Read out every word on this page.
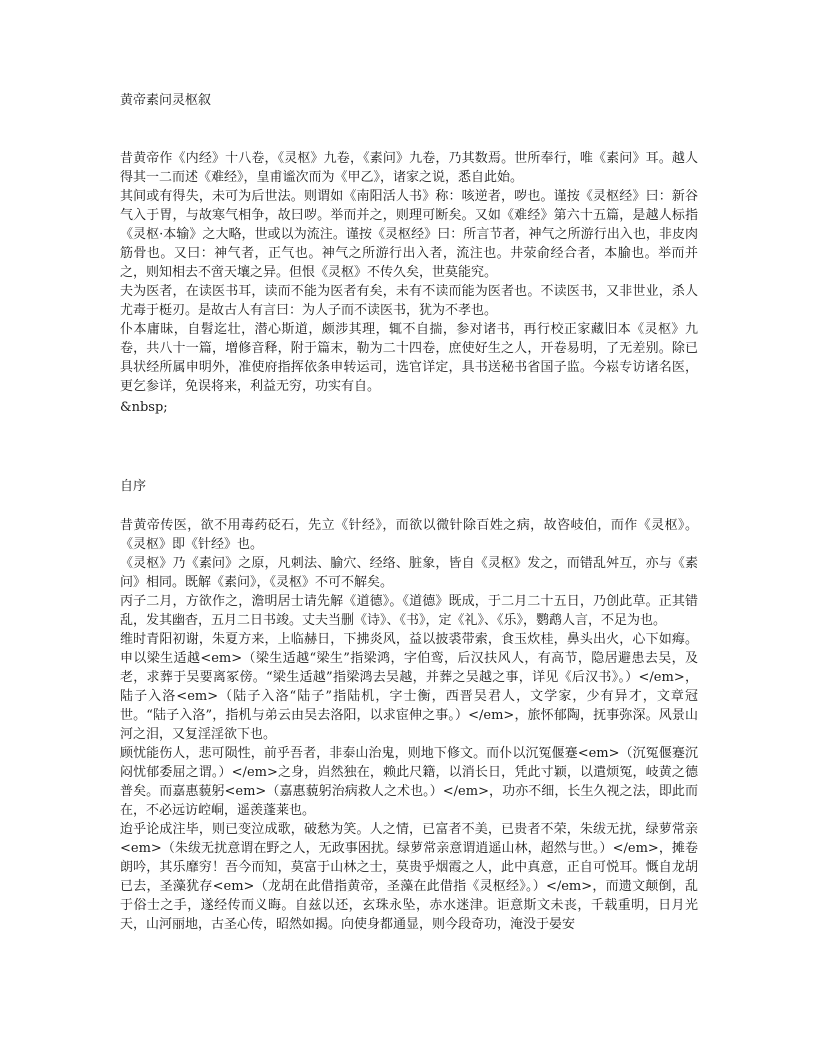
黄帝素问灵枢叙

昔黄帝作《内经》十八卷，《灵枢》九卷，《素问》九卷，乃其数焉。世所奉行，唯《素问》耳。越人得其一二而述《难经》，皇甫谧次而为《甲乙》，诸家之说，悉自此始。

其间或有得失，未可为后世法。则谓如《南阳活人书》称：咳逆者，哕也。谨按《灵枢经》曰：新谷气入于胃，与故寒气相争，故曰哕。举而并之，则理可断矣。又如《难经》第六十五篇，是越人标指《灵枢·本输》之大略，世或以为流注。谨按《灵枢经》曰：所言节者，神气之所游行出入也，非皮肉筋骨也。又曰：神气者，正气也。神气之所游行出入者，流注也。井荥俞经合者，本腧也。举而并之，则知相去不啻天壤之异。但恨《灵枢》不传久矣，世莫能究。

夫为医者，在读医书耳，读而不能为医者有矣，未有不读而能为医者也。不读医书，又非世业，杀人尤毒于梃刃。是故古人有言曰：为人子而不读医书，犹为不孝也。

仆本庸昧，自髫迄壮，潜心斯道，颇涉其理，辄不自揣，参对诸书，再行校正家藏旧本《灵枢》九卷，共八十一篇，增修音释，附于篇末，勒为二十四卷，庶使好生之人，开卷易明，了无差别。除已具状经所属申明外，准使府指挥依条申转运司，选官详定，具书送秘书省国子监。今崧专访诸名医，更乞参详，免误将来，利益无穷，功实有自。

&nbsp;
自序

昔黄帝传医，欲不用毒药砭石，先立《针经》，而欲以微针除百姓之病，故咨岐伯，而作《灵枢》。《灵枢》即《针经》也。

《灵枢》乃《素问》之原，凡刺法、腧穴、经络、脏象，皆自《灵枢》发之，而错乱舛互，亦与《素问》相同。既解《素问》，《灵枢》不可不解矣。

丙子二月，方欲作之，澹明居士请先解《道德》。《道德》既成，于二月二十五日，乃创此草。正其错乱，发其幽杳，五月二日书竣。丈夫当删《诗》、《书》，定《礼》、《乐》，鹦鹉人言，不足为也。

维时青阳初谢，朱夏方来，上临赫日，下拂炎风，益以披裘带索，食玉炊桂，鼻头出火，心下如痗。申以梁生适越<em>（梁生适越“梁生”指梁鸿，字伯鸾，后汉扶风人，有高节，隐居避患去吴，及老，求葬于吴要离冢傍。“梁生适越”指梁鸿去吴越，并葬之吴越之事，详见《后汉书》。）</em>，陆子入洛<em>（陆子入洛“陆子”指陆机，字士衡，西晋吴君人，文学家，少有异才，文章冠世。“陆子入洛”，指机与弟云由吴去洛阳，以求宦伸之事。）</em>，旅怀郁陶，抚事弥深。风景山河之泪，又复淫淫欲下也。

顾忧能伤人，悲可陨性，前乎吾者，非泰山治鬼，则地下修文。而仆以沉冤偃蹇<em>（沉冤偃蹇沉闷忧郁委屈之谓。）</em>之身，岿然独在，赖此尺籍，以消长日，凭此寸颖，以遣烦冤，岐黄之德普矣。而嘉惠藐躬<em>（嘉惠藐躬治病救人之术也。）</em>，功亦不细，长生久视之法，即此而在，不必远访崆峒，遥羡蓬莱也。

迨乎论成注毕，则已变泣成歌，破愁为笑。人之情，已富者不美，已贵者不荣，朱绂无扰，绿萝常亲<em>（朱绂无扰意谓在野之人，无政事困扰。绿萝常亲意谓逍遥山林，超然与世。）</em>，摊卷朗吟，其乐靡穷！吾今而知，莫富于山林之士，莫贵乎烟霞之人，此中真意，正自可悦耳。慨自龙胡已去，圣藻犹存<em>（龙胡在此借指黄帝，圣藻在此借指《灵枢经》。）</em>，而遗文颠倒，乱于俗士之手，遂经传而义晦。自兹以还，玄珠永坠，赤水迷津。讵意斯文未丧，千载重明，日月光天，山河丽地，古圣心传，昭然如揭。向使身都通显，则今段奇功，淹没于晏安
